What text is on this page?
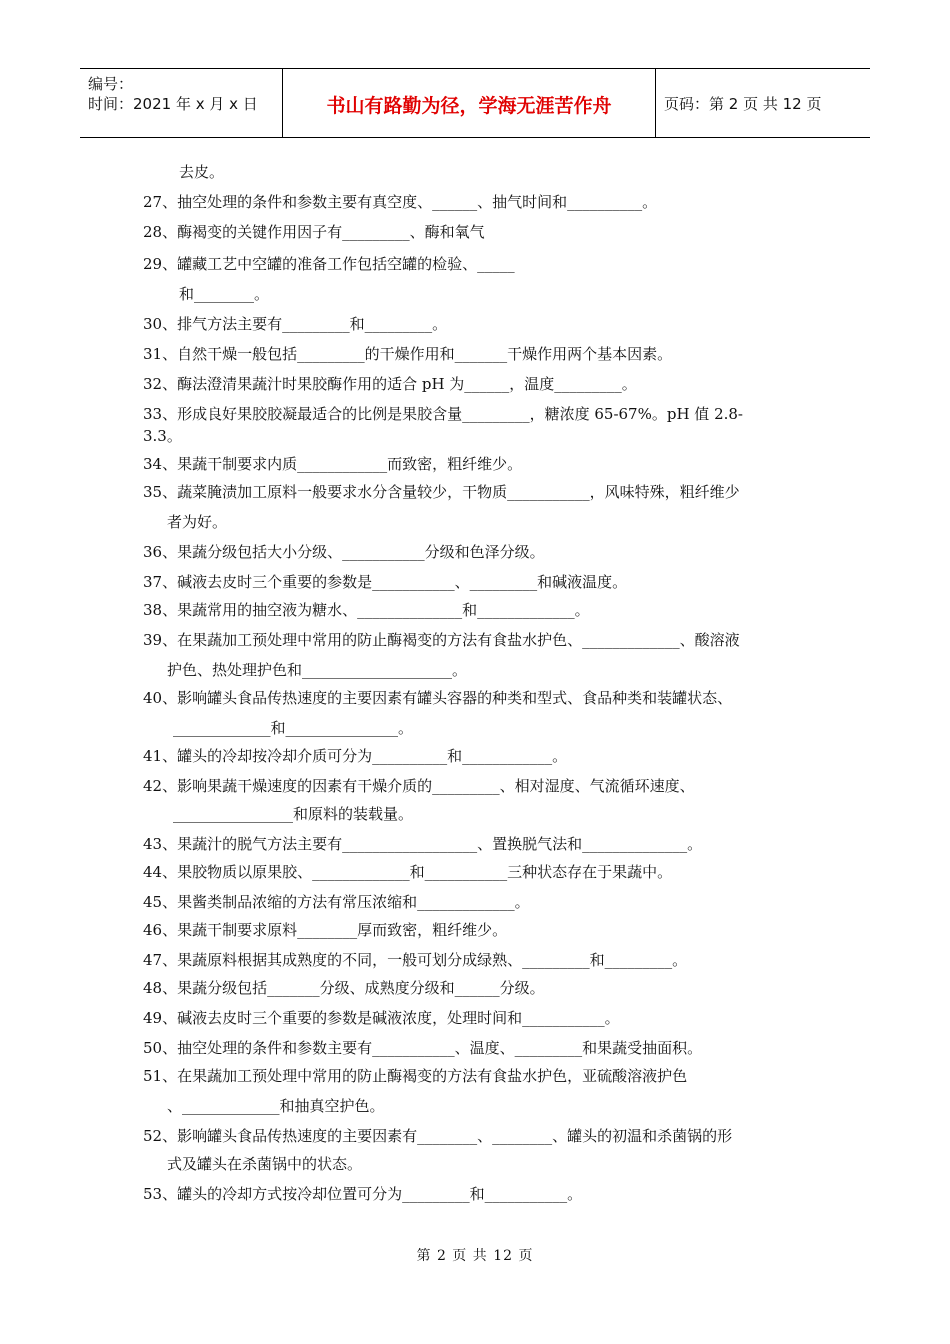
编号：
时间：2021 年 x 月 x 日	书山有路勤为径，学海无涯苦作舟	页码：第 2 页 共 12 页
去皮。
27、抽空处理的条件和参数主要有真空度、______、抽气时间和__________。
28、酶褐变的关键作用因子有_________、酶和氧气
29、罐藏工艺中空罐的准备工作包括空罐的检验、_____
和________。
30、排气方法主要有_________和_________。
31、自然干燥一般包括_________的干燥作用和_______干燥作用两个基本因素。
32、酶法澄清果蔬汁时果胶酶作用的适合 pH 为______，温度_________。
33、形成良好果胶胶凝最适合的比例是果胶含量_________，糖浓度 65-67%。pH 值 2.8-
3.3。
34、果蔬干制要求内质____________而致密，粗纤维少。
35、蔬菜腌渍加工原料一般要求水分含量较少，干物质___________，风味特殊，粗纤维少
者为好。
36、果蔬分级包括大小分级、___________分级和色泽分级。
37、碱液去皮时三个重要的参数是___________、_________和碱液温度。
38、果蔬常用的抽空液为糖水、______________和_____________。
39、在果蔬加工预处理中常用的防止酶褐变的方法有食盐水护色、_____________、酸溶液
护色、热处理护色和____________________。
40、影响罐头食品传热速度的主要因素有罐头容器的种类和型式、食品种类和装罐状态、
_____________和_______________。
41、罐头的冷却按冷却介质可分为__________和____________。
42、影响果蔬干燥速度的因素有干燥介质的_________、相对湿度、气流循环速度、
________________和原料的装载量。
43、果蔬汁的脱气方法主要有__________________、置换脱气法和______________。
44、果胶物质以原果胶、_____________和___________三种状态存在于果蔬中。
45、果酱类制品浓缩的方法有常压浓缩和_____________。
46、果蔬干制要求原料________厚而致密，粗纤维少。
47、果蔬原料根据其成熟度的不同，一般可划分成绿熟、_________和_________。
48、果蔬分级包括_______分级、成熟度分级和______分级。
49、碱液去皮时三个重要的参数是碱液浓度，处理时间和___________。
50、抽空处理的条件和参数主要有___________、温度、_________和果蔬受抽面积。
51、在果蔬加工预处理中常用的防止酶褐变的方法有食盐水护色，亚硫酸溶液护色
、_____________和抽真空护色。
52、影响罐头食品传热速度的主要因素有________、________、罐头的初温和杀菌锅的形
式及罐头在杀菌锅中的状态。
53、罐头的冷却方式按冷却位置可分为_________和___________。
第 2 页 共 12 页
